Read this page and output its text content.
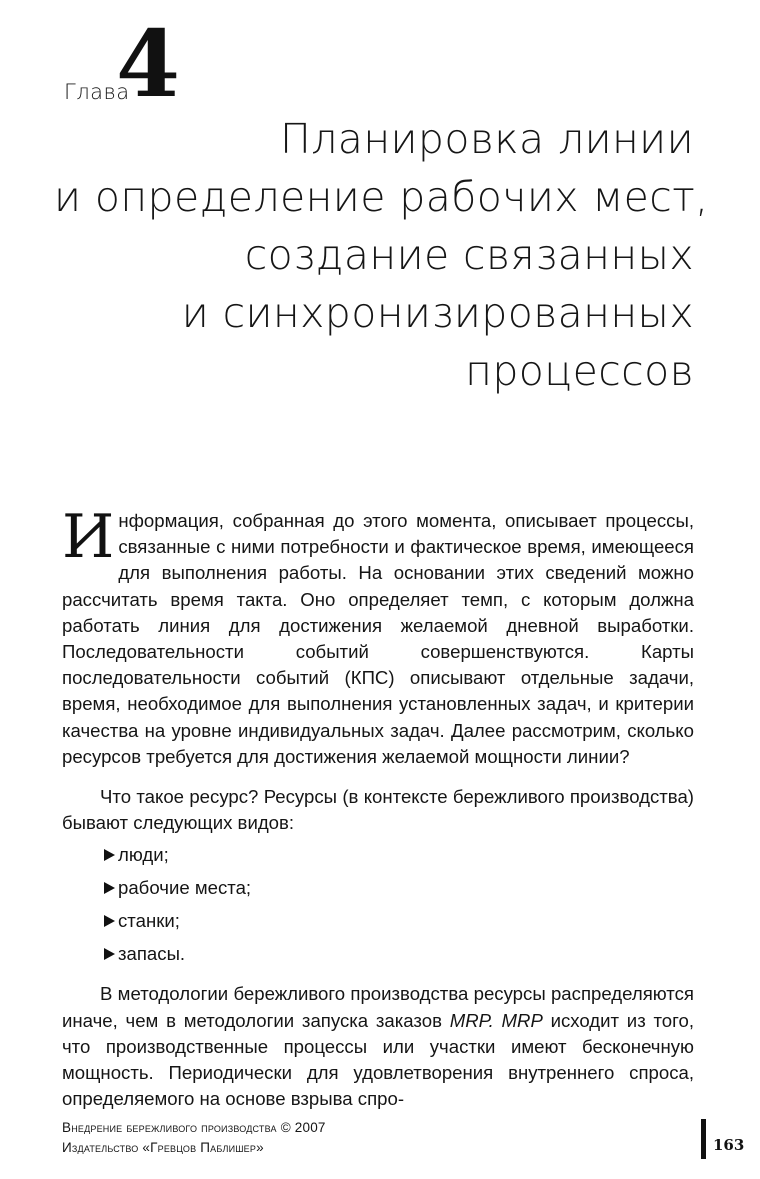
Глава
4
Планировка линии
и определение рабочих мест,
создание связанных
и синхронизированных
процессов

Информация, собранная до этого момента, описывает процессы, связанные с ними потребности и фактическое время, имеющееся для выполнения работы. На основании этих сведений можно рассчитать время такта. Оно определяет темп, с которым должна работать линия для достижения желаемой дневной выработки. Последовательности событий совершенствуются. Карты последовательности событий (КПС) описывают отдельные задачи, время, необходимое для выполнения установленных задач, и критерии качества на уровне индивидуальных задач. Далее рассмотрим, сколько ресурсов требуется для достижения желаемой мощности линии?

Что такое ресурс? Ресурсы (в контексте бережливого производства) бывают следующих видов:

люди;
рабочие места;
станки;
запасы.

В методологии бережливого производства ресурсы распределяются иначе, чем в методологии запуска заказов MRP. MRP исходит из того, что производственные процессы или участки имеют бесконечную мощность. Периодически для удовлетворения внутреннего спроса, определяемого на основе взрыва спро-

Внедрение бережливого производства © 2007
Издательство «Гревцов Паблишер»	163
